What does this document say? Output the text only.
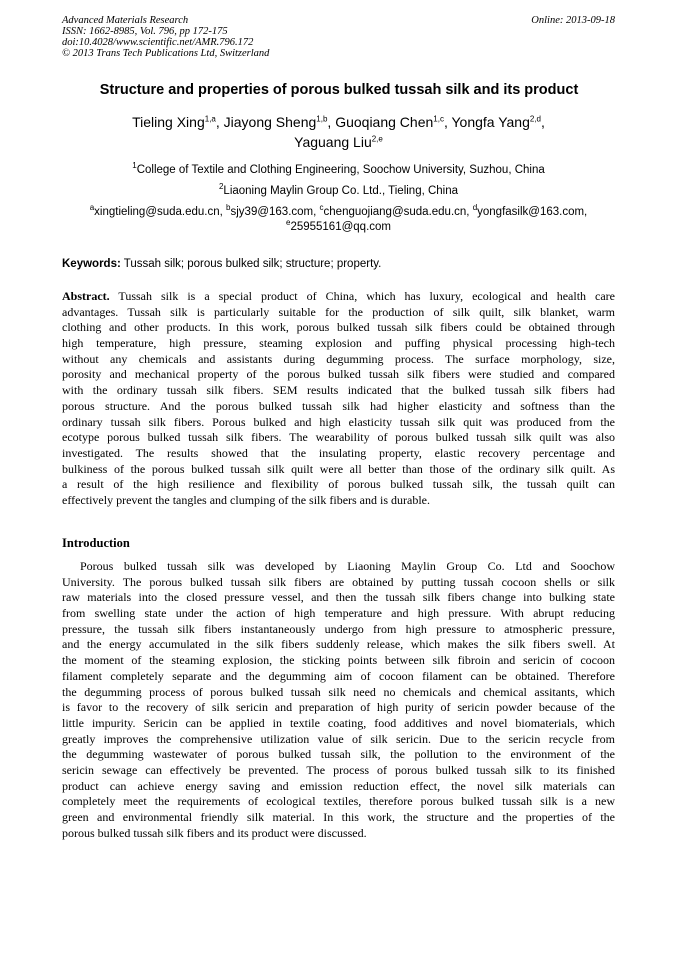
Advanced Materials Research
ISSN: 1662-8985, Vol. 796, pp 172-175
doi:10.4028/www.scientific.net/AMR.796.172
© 2013 Trans Tech Publications Ltd, Switzerland
Online: 2013-09-18
Structure and properties of porous bulked tussah silk and its product
Tieling Xing$^{1,a}$, Jiayong Sheng$^{1,b}$, Guoqiang Chen$^{1,c}$, Yongfa Yang$^{2,d}$,
Yaguang Liu$^{2,e}$
$^1$College of Textile and Clothing Engineering, Soochow University, Suzhou, China
$^2$Liaoning Maylin Group Co. Ltd., Tieling, China
$^a$xingtieling@suda.edu.cn, $^b$sjy39@163.com, $^c$chenguojiang@suda.edu.cn, $^d$yongfasilk@163.com,
$^e$25955161@qq.com
Keywords: Tussah silk; porous bulked silk; structure; property.
Abstract. Tussah silk is a special product of China, which has luxury, ecological and health care
advantages. Tussah silk is particularly suitable for the production of silk quilt, silk blanket, warm
clothing and other products. In this work, porous bulked tussah silk fibers could be obtained through
high temperature, high pressure, steaming explosion and puffing physical processing high-tech
without any chemicals and assistants during degumming process. The surface morphology, size,
porosity and mechanical property of the porous bulked tussah silk fibers were studied and compared
with the ordinary tussah silk fibers. SEM results indicated that the bulked tussah silk fibers had
porous structure. And the porous bulked tussah silk had higher elasticity and softness than the
ordinary tussah silk fibers. Porous bulked and high elasticity tussah silk quit was produced from the
ecotype porous bulked tussah silk fibers. The wearability of porous bulked tussah silk quilt was also
investigated. The results showed that the insulating property, elastic recovery percentage and
bulkiness of the porous bulked tussah silk quilt were all better than those of the ordinary silk quilt. As
a result of the high resilience and flexibility of porous bulked tussah silk, the tussah quilt can
effectively prevent the tangles and clumping of the silk fibers and is durable.
Introduction
Porous bulked tussah silk was developed by Liaoning Maylin Group Co. Ltd and Soochow
University. The porous bulked tussah silk fibers are obtained by putting tussah cocoon shells or silk
raw materials into the closed pressure vessel, and then the tussah silk fibers change into bulking state
from swelling state under the action of high temperature and high pressure. With abrupt reducing
pressure, the tussah silk fibers instantaneously undergo from high pressure to atmospheric pressure,
and the energy accumulated in the silk fibers suddenly release, which makes the silk fibers swell. At
the moment of the steaming explosion, the sticking points between silk fibroin and sericin of cocoon
filament completely separate and the degumming aim of cocoon filament can be obtained. Therefore
the degumming process of porous bulked tussah silk need no chemicals and chemical assitants, which
is favor to the recovery of silk sericin and preparation of high purity of sericin powder because of the
little impurity. Sericin can be applied in textile coating, food additives and novel biomaterials, which
greatly improves the comprehensive utilization value of silk sericin. Due to the sericin recycle from
the degumming wastewater of porous bulked tussah silk, the pollution to the environment of the
sericin sewage can effectively be prevented. The process of porous bulked tussah silk to its finished
product can achieve energy saving and emission reduction effect, the novel silk materials can
completely meet the requirements of ecological textiles, therefore porous bulked tussah silk is a new
green and environmental friendly silk material. In this work, the structure and the properties of the
porous bulked tussah silk fibers and its product were discussed.
